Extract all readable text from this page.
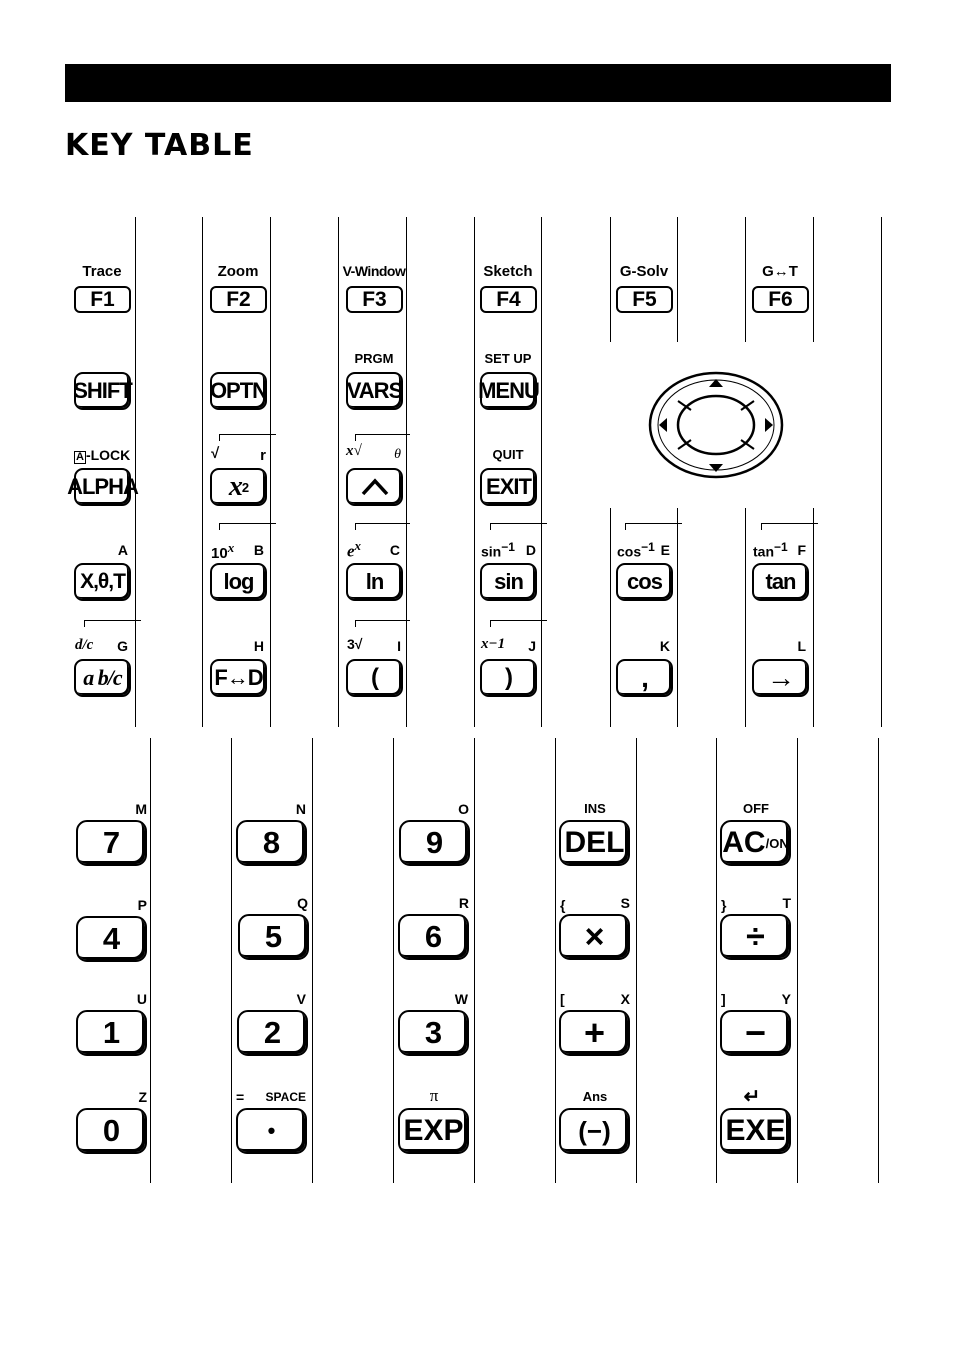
KEY TABLE
Trace
F1
Zoom
F2
V-Window
F3
Sketch
F4
G-Solv
F5
G↔T
F6
SHIFT	OPTN
PRGM
VARS
SET UP
MENU
A -LOCK
ALPHA
√	r
x 2
x√ θ	QUIT
EXIT
A
X,θ,T
10$^x$ B
log
$e^x$ C
ln
$\sin^{-1} D$
sin
$\cos^{-1} E$
cos
$\tan^{-1} F$
tan
d/c G
a b/c
H
F↔D
3√ I
(
x−1 J
)
K
,
L
→
M
7
N
8
O
9
INS
DEL
OFF
AC /ON
P
4
Q
5
R
6
{	S
×
}	T
÷
U
1
V
2
W
3
[	X
+
]	Y
−
Z
0
= SPACE
•
π
EXP
Ans
(−)
↵
EXE
